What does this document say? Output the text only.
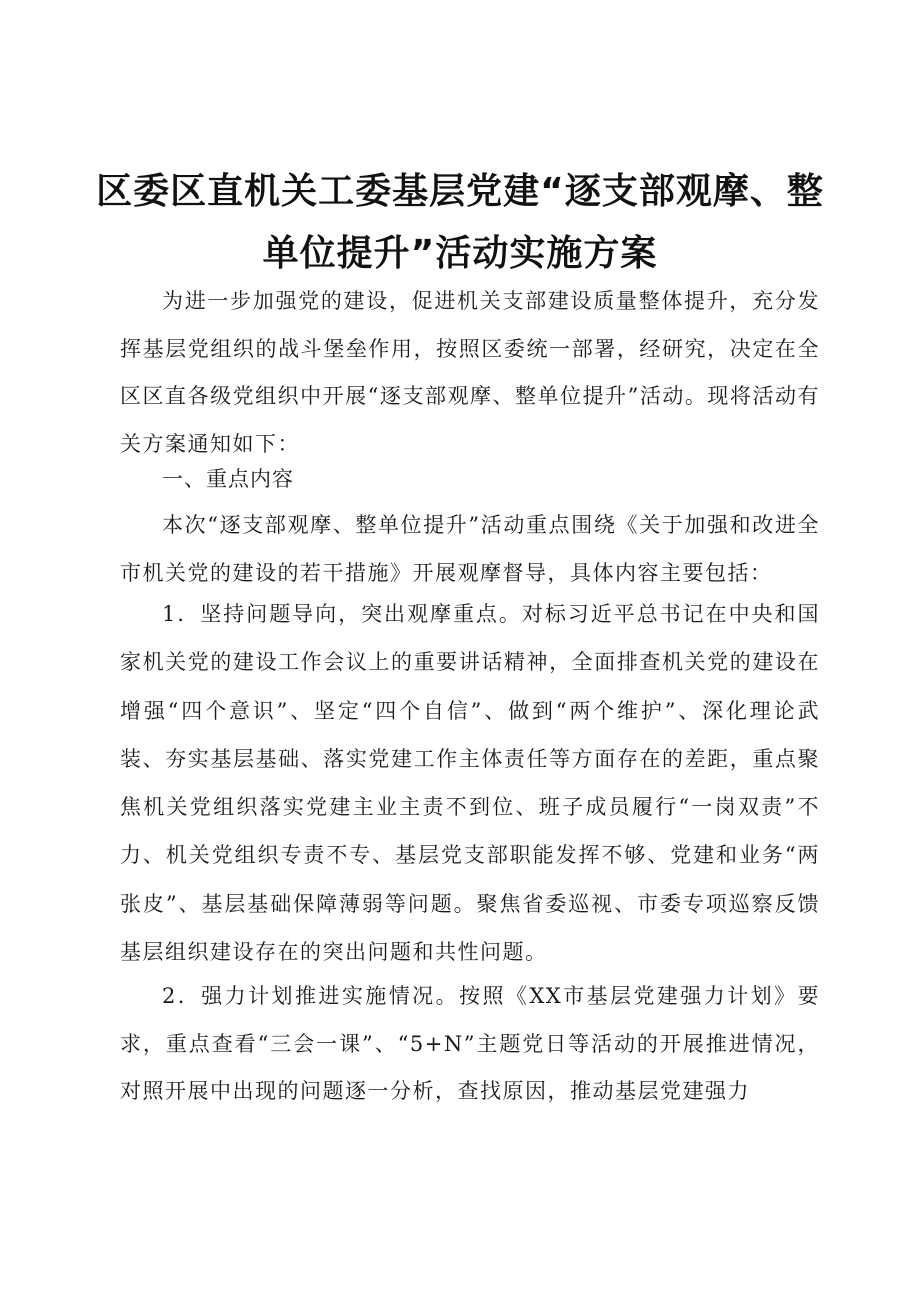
区委区直机关工委基层党建“逐支部观摩、整
单位提升”活动实施方案
为进一步加强党的建设，促进机关支部建设质量整体提升，充分发挥基层党组织的战斗堡垒作用，按照区委统一部署，经研究，决定在全区区直各级党组织中开展“逐支部观摩、整单位提升”活动。现将活动有关方案通知如下：
一、重点内容
本次“逐支部观摩、整单位提升”活动重点围绕《关于加强和改进全市机关党的建设的若干措施》开展观摩督导，具体内容主要包括：
1．坚持问题导向，突出观摩重点。对标习近平总书记在中央和国家机关党的建设工作会议上的重要讲话精神，全面排查机关党的建设在增强“四个意识”、坚定“四个自信”、做到“两个维护”、深化理论武装、夯实基层基础、落实党建工作主体责任等方面存在的差距，重点聚焦机关党组织落实党建主业主责不到位、班子成员履行“一岗双责”不力、机关党组织专责不专、基层党支部职能发挥不够、党建和业务“两张皮”、基层基础保障薄弱等问题。聚焦省委巡视、市委专项巡察反馈基层组织建设存在的突出问题和共性问题。
2．强力计划推进实施情况。按照《XX市基层党建强力计划》要求，重点查看“三会一课”、“5+N”主题党日等活动的开展推进情况，对照开展中出现的问题逐一分析，查找原因，推动基层党建强力
